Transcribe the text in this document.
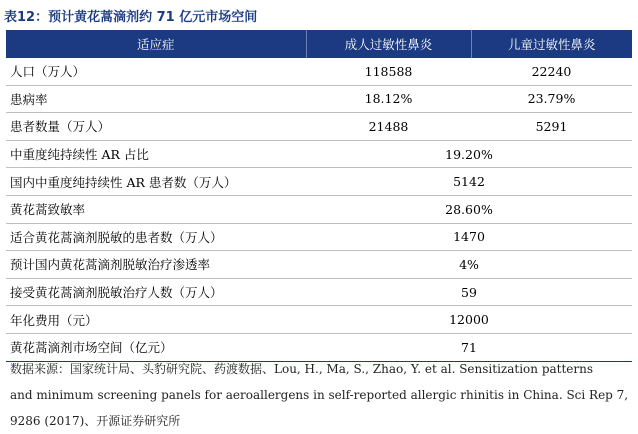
表12：预计黄花蒿滴剂约 71 亿元市场空间
适应症	成人过敏性鼻炎	儿童过敏性鼻炎
人口（万人）	118588	22240
患病率	18.12%	23.79%
患者数量（万人）	21488	5291
中重度纯持续性 AR 占比	19.20%	
国内中重度纯持续性 AR 患者数（万人）	5142	
黄花蒿致敏率	28.60%	
适合黄花蒿滴剂脱敏的患者数（万人）	1470	
预计国内黄花蒿滴剂脱敏治疗渗透率	4%	
接受黄花蒿滴剂脱敏治疗人数（万人）	59	
年化费用（元）	12000	
黄花蒿滴剂市场空间（亿元）	71	
数据来源：国家统计局、头豹研究院、药渡数据、Lou, H., Ma, S., Zhao, Y. et al. Sensitization patterns
and minimum screening panels for aeroallergens in self-reported allergic rhinitis in China. Sci Rep 7,
9286 (2017)、开源证券研究所
